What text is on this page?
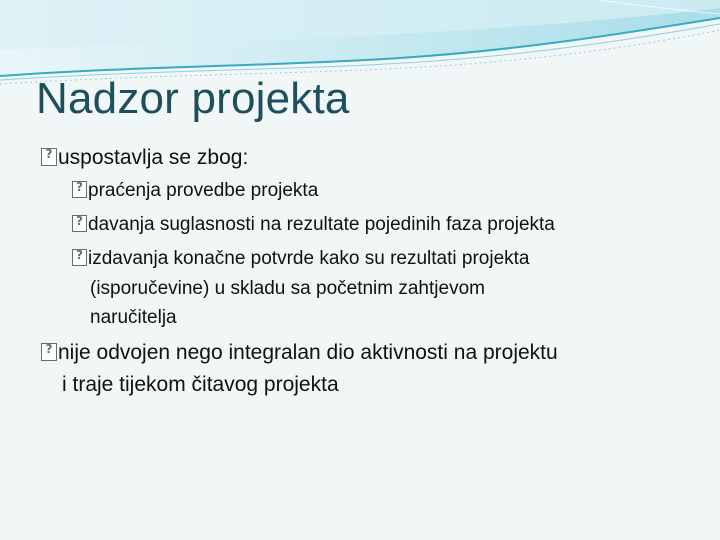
Nadzor projekta
?uspostavlja se zbog:
?praćenja provedbe projekta
?davanja suglasnosti na rezultate pojedinih faza projekta
?izdavanja konačne potvrde kako su rezultati projekta
(isporučevine) u skladu sa početnim zahtjevom
naručitelja
?nije odvojen nego integralan dio aktivnosti na projektu
i traje tijekom čitavog projekta
